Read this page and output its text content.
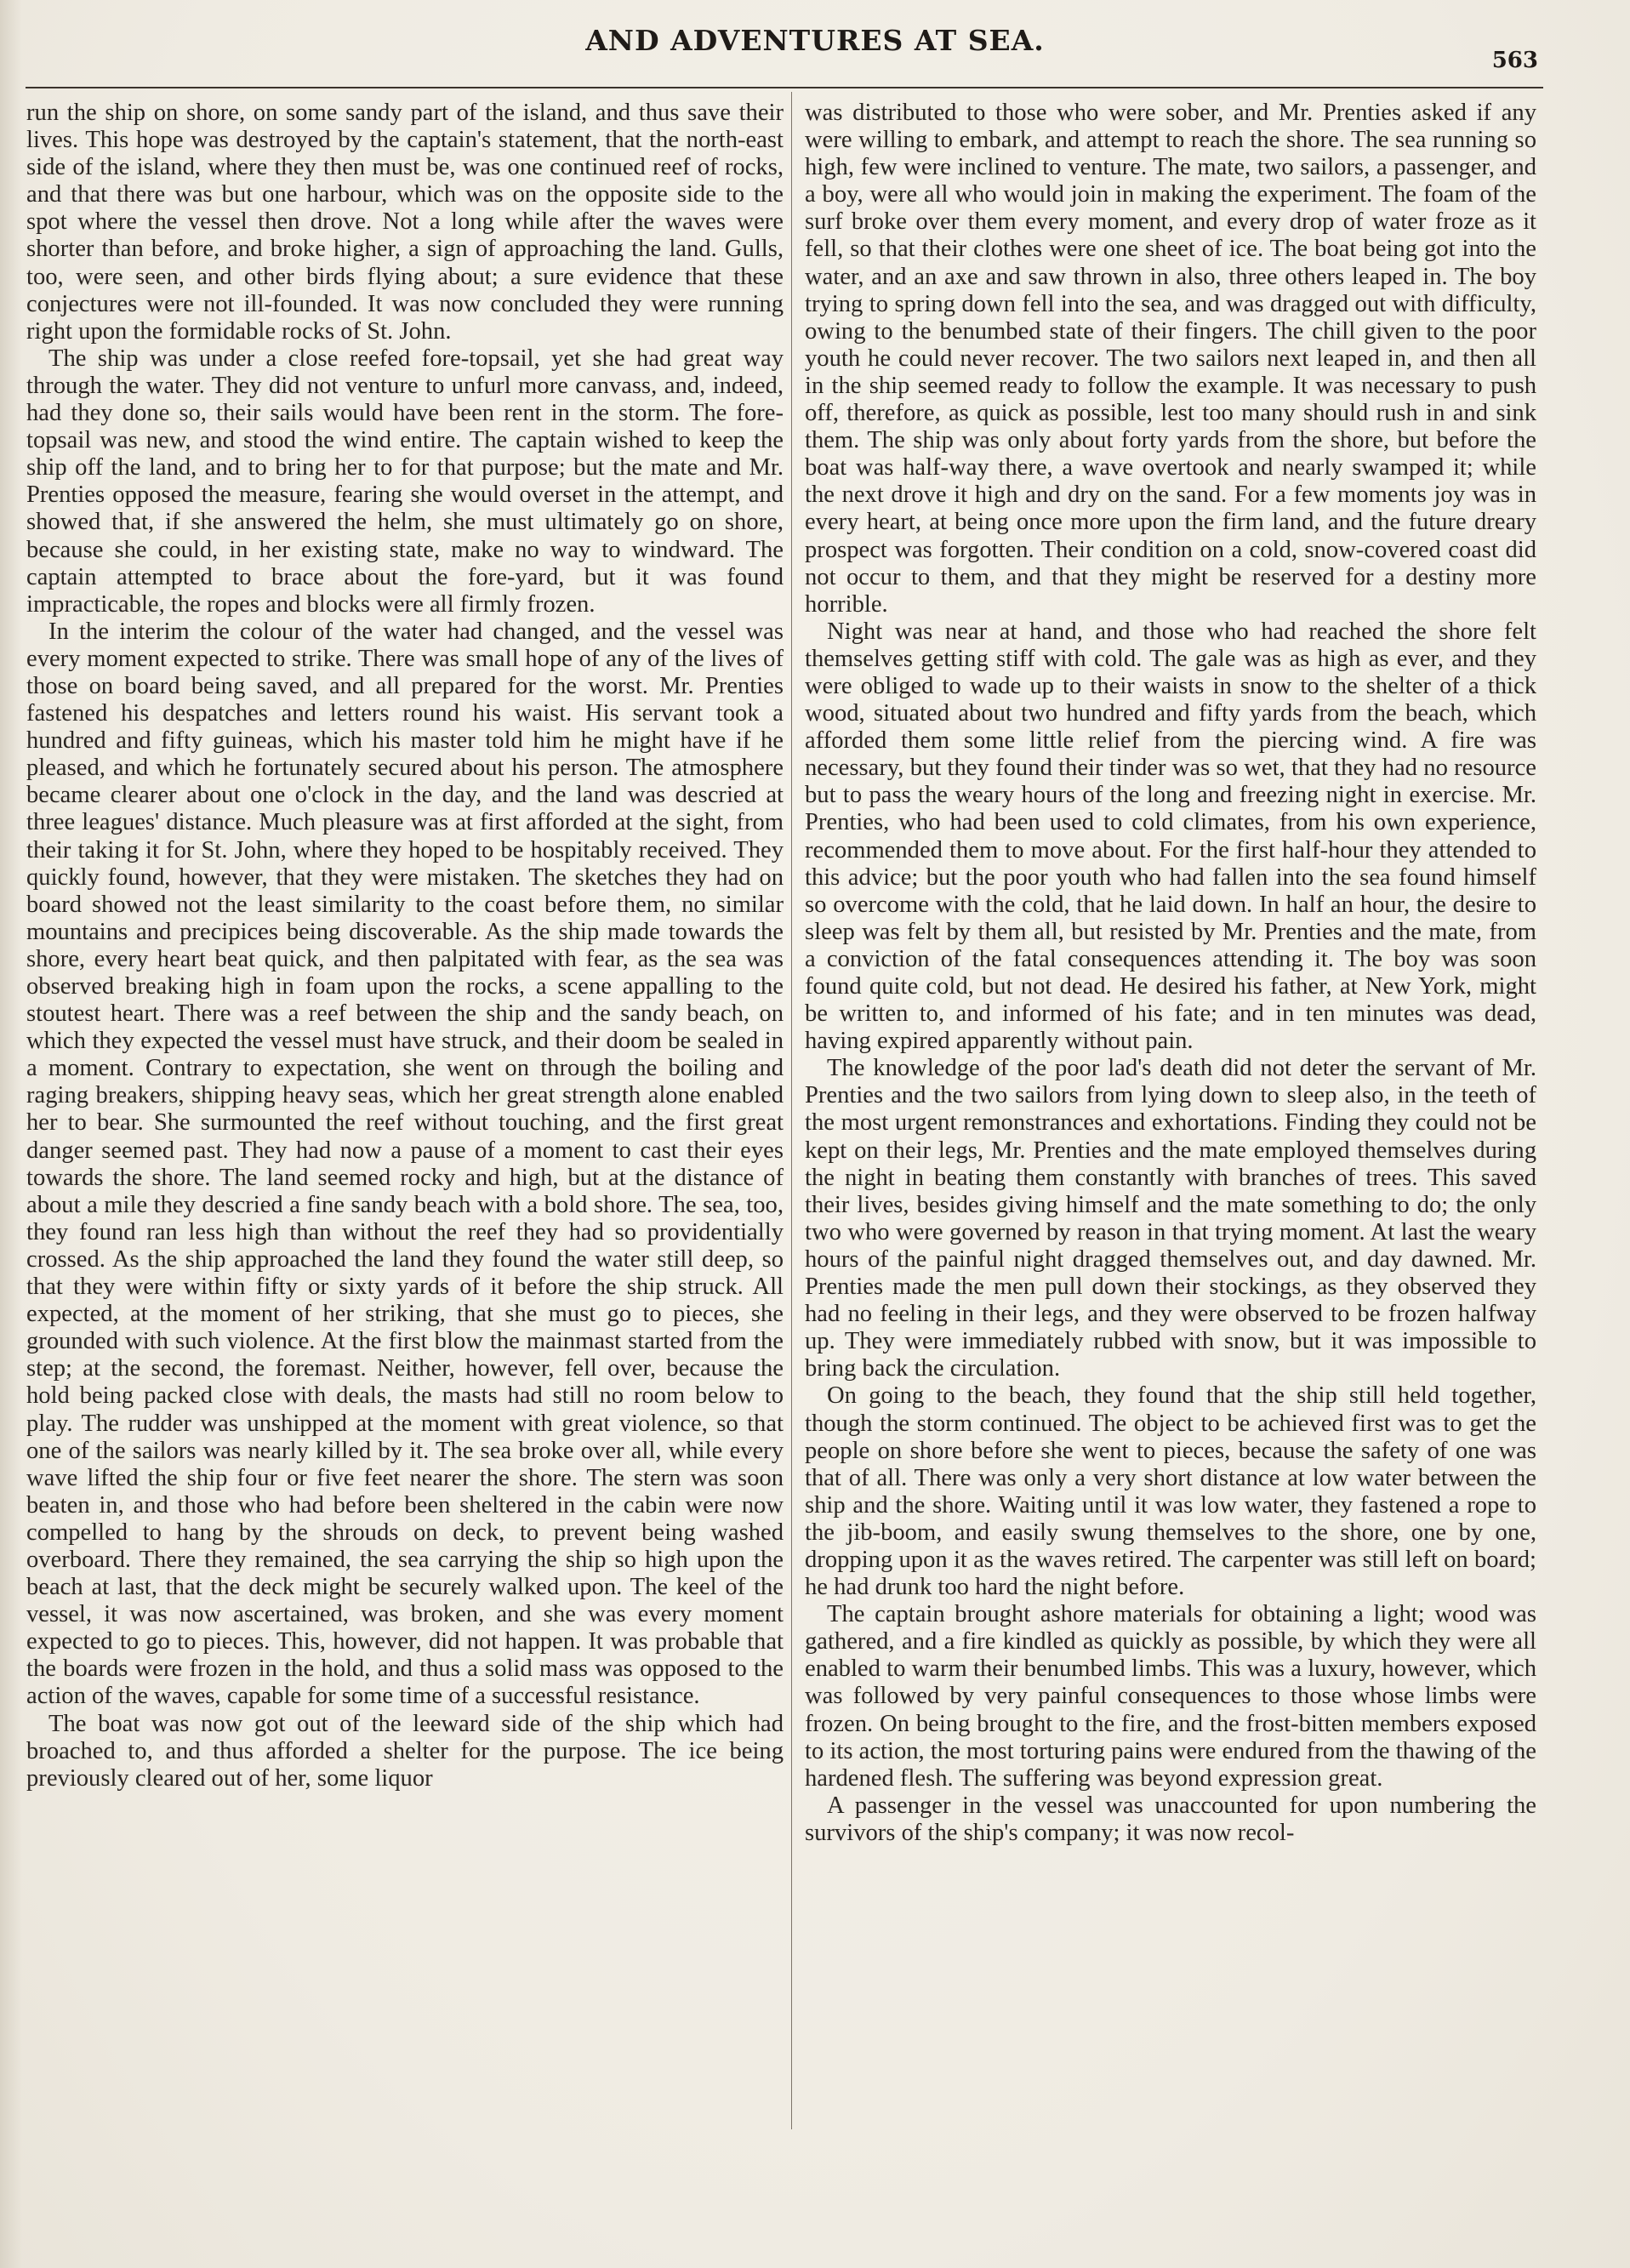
AND ADVENTURES AT SEA.
563

run the ship on shore, on some sandy part of the island, and thus save their lives. This hope was destroyed by the captain's statement, that the north-east side of the island, where they then must be, was one continued reef of rocks, and that there was but one harbour, which was on the opposite side to the spot where the vessel then drove. Not a long while after the waves were shorter than before, and broke higher, a sign of approaching the land. Gulls, too, were seen, and other birds flying about; a sure evidence that these conjectures were not ill-founded. It was now concluded they were running right upon the formidable rocks of St. John.

The ship was under a close reefed fore-topsail, yet she had great way through the water. They did not venture to unfurl more canvass, and, indeed, had they done so, their sails would have been rent in the storm. The fore-topsail was new, and stood the wind entire. The captain wished to keep the ship off the land, and to bring her to for that purpose; but the mate and Mr. Prenties opposed the measure, fearing she would overset in the attempt, and showed that, if she answered the helm, she must ultimately go on shore, because she could, in her existing state, make no way to windward. The captain attempted to brace about the fore-yard, but it was found impracticable, the ropes and blocks were all firmly frozen.

In the interim the colour of the water had changed, and the vessel was every moment expected to strike. There was small hope of any of the lives of those on board being saved, and all prepared for the worst. Mr. Prenties fastened his despatches and letters round his waist. His servant took a hundred and fifty guineas, which his master told him he might have if he pleased, and which he fortunately secured about his person. The atmosphere became clearer about one o'clock in the day, and the land was descried at three leagues' distance. Much pleasure was at first afforded at the sight, from their taking it for St. John, where they hoped to be hospitably received. They quickly found, however, that they were mistaken. The sketches they had on board showed not the least similarity to the coast before them, no similar mountains and precipices being discoverable. As the ship made towards the shore, every heart beat quick, and then palpitated with fear, as the sea was observed breaking high in foam upon the rocks, a scene appalling to the stoutest heart. There was a reef between the ship and the sandy beach, on which they expected the vessel must have struck, and their doom be sealed in a moment. Contrary to expectation, she went on through the boiling and raging breakers, shipping heavy seas, which her great strength alone enabled her to bear. She surmounted the reef without touching, and the first great danger seemed past. They had now a pause of a moment to cast their eyes towards the shore. The land seemed rocky and high, but at the distance of about a mile they descried a fine sandy beach with a bold shore. The sea, too, they found ran less high than without the reef they had so providentially crossed. As the ship approached the land they found the water still deep, so that they were within fifty or sixty yards of it before the ship struck. All expected, at the moment of her striking, that she must go to pieces, she grounded with such violence. At the first blow the mainmast started from the step; at the second, the foremast. Neither, however, fell over, because the hold being packed close with deals, the masts had still no room below to play. The rudder was unshipped at the moment with great violence, so that one of the sailors was nearly killed by it. The sea broke over all, while every wave lifted the ship four or five feet nearer the shore. The stern was soon beaten in, and those who had before been sheltered in the cabin were now compelled to hang by the shrouds on deck, to prevent being washed overboard. There they remained, the sea carrying the ship so high upon the beach at last, that the deck might be securely walked upon. The keel of the vessel, it was now ascertained, was broken, and she was every moment expected to go to pieces. This, however, did not happen. It was probable that the boards were frozen in the hold, and thus a solid mass was opposed to the action of the waves, capable for some time of a successful resistance.

The boat was now got out of the leeward side of the ship which had broached to, and thus afforded a shelter for the purpose. The ice being previously cleared out of her, some liquor

was distributed to those who were sober, and Mr. Prenties asked if any were willing to embark, and attempt to reach the shore. The sea running so high, few were inclined to venture. The mate, two sailors, a passenger, and a boy, were all who would join in making the experiment. The foam of the surf broke over them every moment, and every drop of water froze as it fell, so that their clothes were one sheet of ice. The boat being got into the water, and an axe and saw thrown in also, three others leaped in. The boy trying to spring down fell into the sea, and was dragged out with difficulty, owing to the benumbed state of their fingers. The chill given to the poor youth he could never recover. The two sailors next leaped in, and then all in the ship seemed ready to follow the example. It was necessary to push off, therefore, as quick as possible, lest too many should rush in and sink them. The ship was only about forty yards from the shore, but before the boat was half-way there, a wave overtook and nearly swamped it; while the next drove it high and dry on the sand. For a few moments joy was in every heart, at being once more upon the firm land, and the future dreary prospect was forgotten. Their condition on a cold, snow-covered coast did not occur to them, and that they might be reserved for a destiny more horrible.

Night was near at hand, and those who had reached the shore felt themselves getting stiff with cold. The gale was as high as ever, and they were obliged to wade up to their waists in snow to the shelter of a thick wood, situated about two hundred and fifty yards from the beach, which afforded them some little relief from the piercing wind. A fire was necessary, but they found their tinder was so wet, that they had no resource but to pass the weary hours of the long and freezing night in exercise. Mr. Prenties, who had been used to cold climates, from his own experience, recommended them to move about. For the first half-hour they attended to this advice; but the poor youth who had fallen into the sea found himself so overcome with the cold, that he laid down. In half an hour, the desire to sleep was felt by them all, but resisted by Mr. Prenties and the mate, from a conviction of the fatal consequences attending it. The boy was soon found quite cold, but not dead. He desired his father, at New York, might be written to, and informed of his fate; and in ten minutes was dead, having expired apparently without pain.

The knowledge of the poor lad's death did not deter the servant of Mr. Prenties and the two sailors from lying down to sleep also, in the teeth of the most urgent remonstrances and exhortations. Finding they could not be kept on their legs, Mr. Prenties and the mate employed themselves during the night in beating them constantly with branches of trees. This saved their lives, besides giving himself and the mate something to do; the only two who were governed by reason in that trying moment. At last the weary hours of the painful night dragged themselves out, and day dawned. Mr. Prenties made the men pull down their stockings, as they observed they had no feeling in their legs, and they were observed to be frozen halfway up. They were immediately rubbed with snow, but it was impossible to bring back the circulation.

On going to the beach, they found that the ship still held together, though the storm continued. The object to be achieved first was to get the people on shore before she went to pieces, because the safety of one was that of all. There was only a very short distance at low water between the ship and the shore. Waiting until it was low water, they fastened a rope to the jib-boom, and easily swung themselves to the shore, one by one, dropping upon it as the waves retired. The carpenter was still left on board; he had drunk too hard the night before.

The captain brought ashore materials for obtaining a light; wood was gathered, and a fire kindled as quickly as possible, by which they were all enabled to warm their benumbed limbs. This was a luxury, however, which was followed by very painful consequences to those whose limbs were frozen. On being brought to the fire, and the frost-bitten members exposed to its action, the most torturing pains were endured from the thawing of the hardened flesh. The suffering was beyond expression great.

A passenger in the vessel was unaccounted for upon numbering the survivors of the ship's company; it was now recol-
